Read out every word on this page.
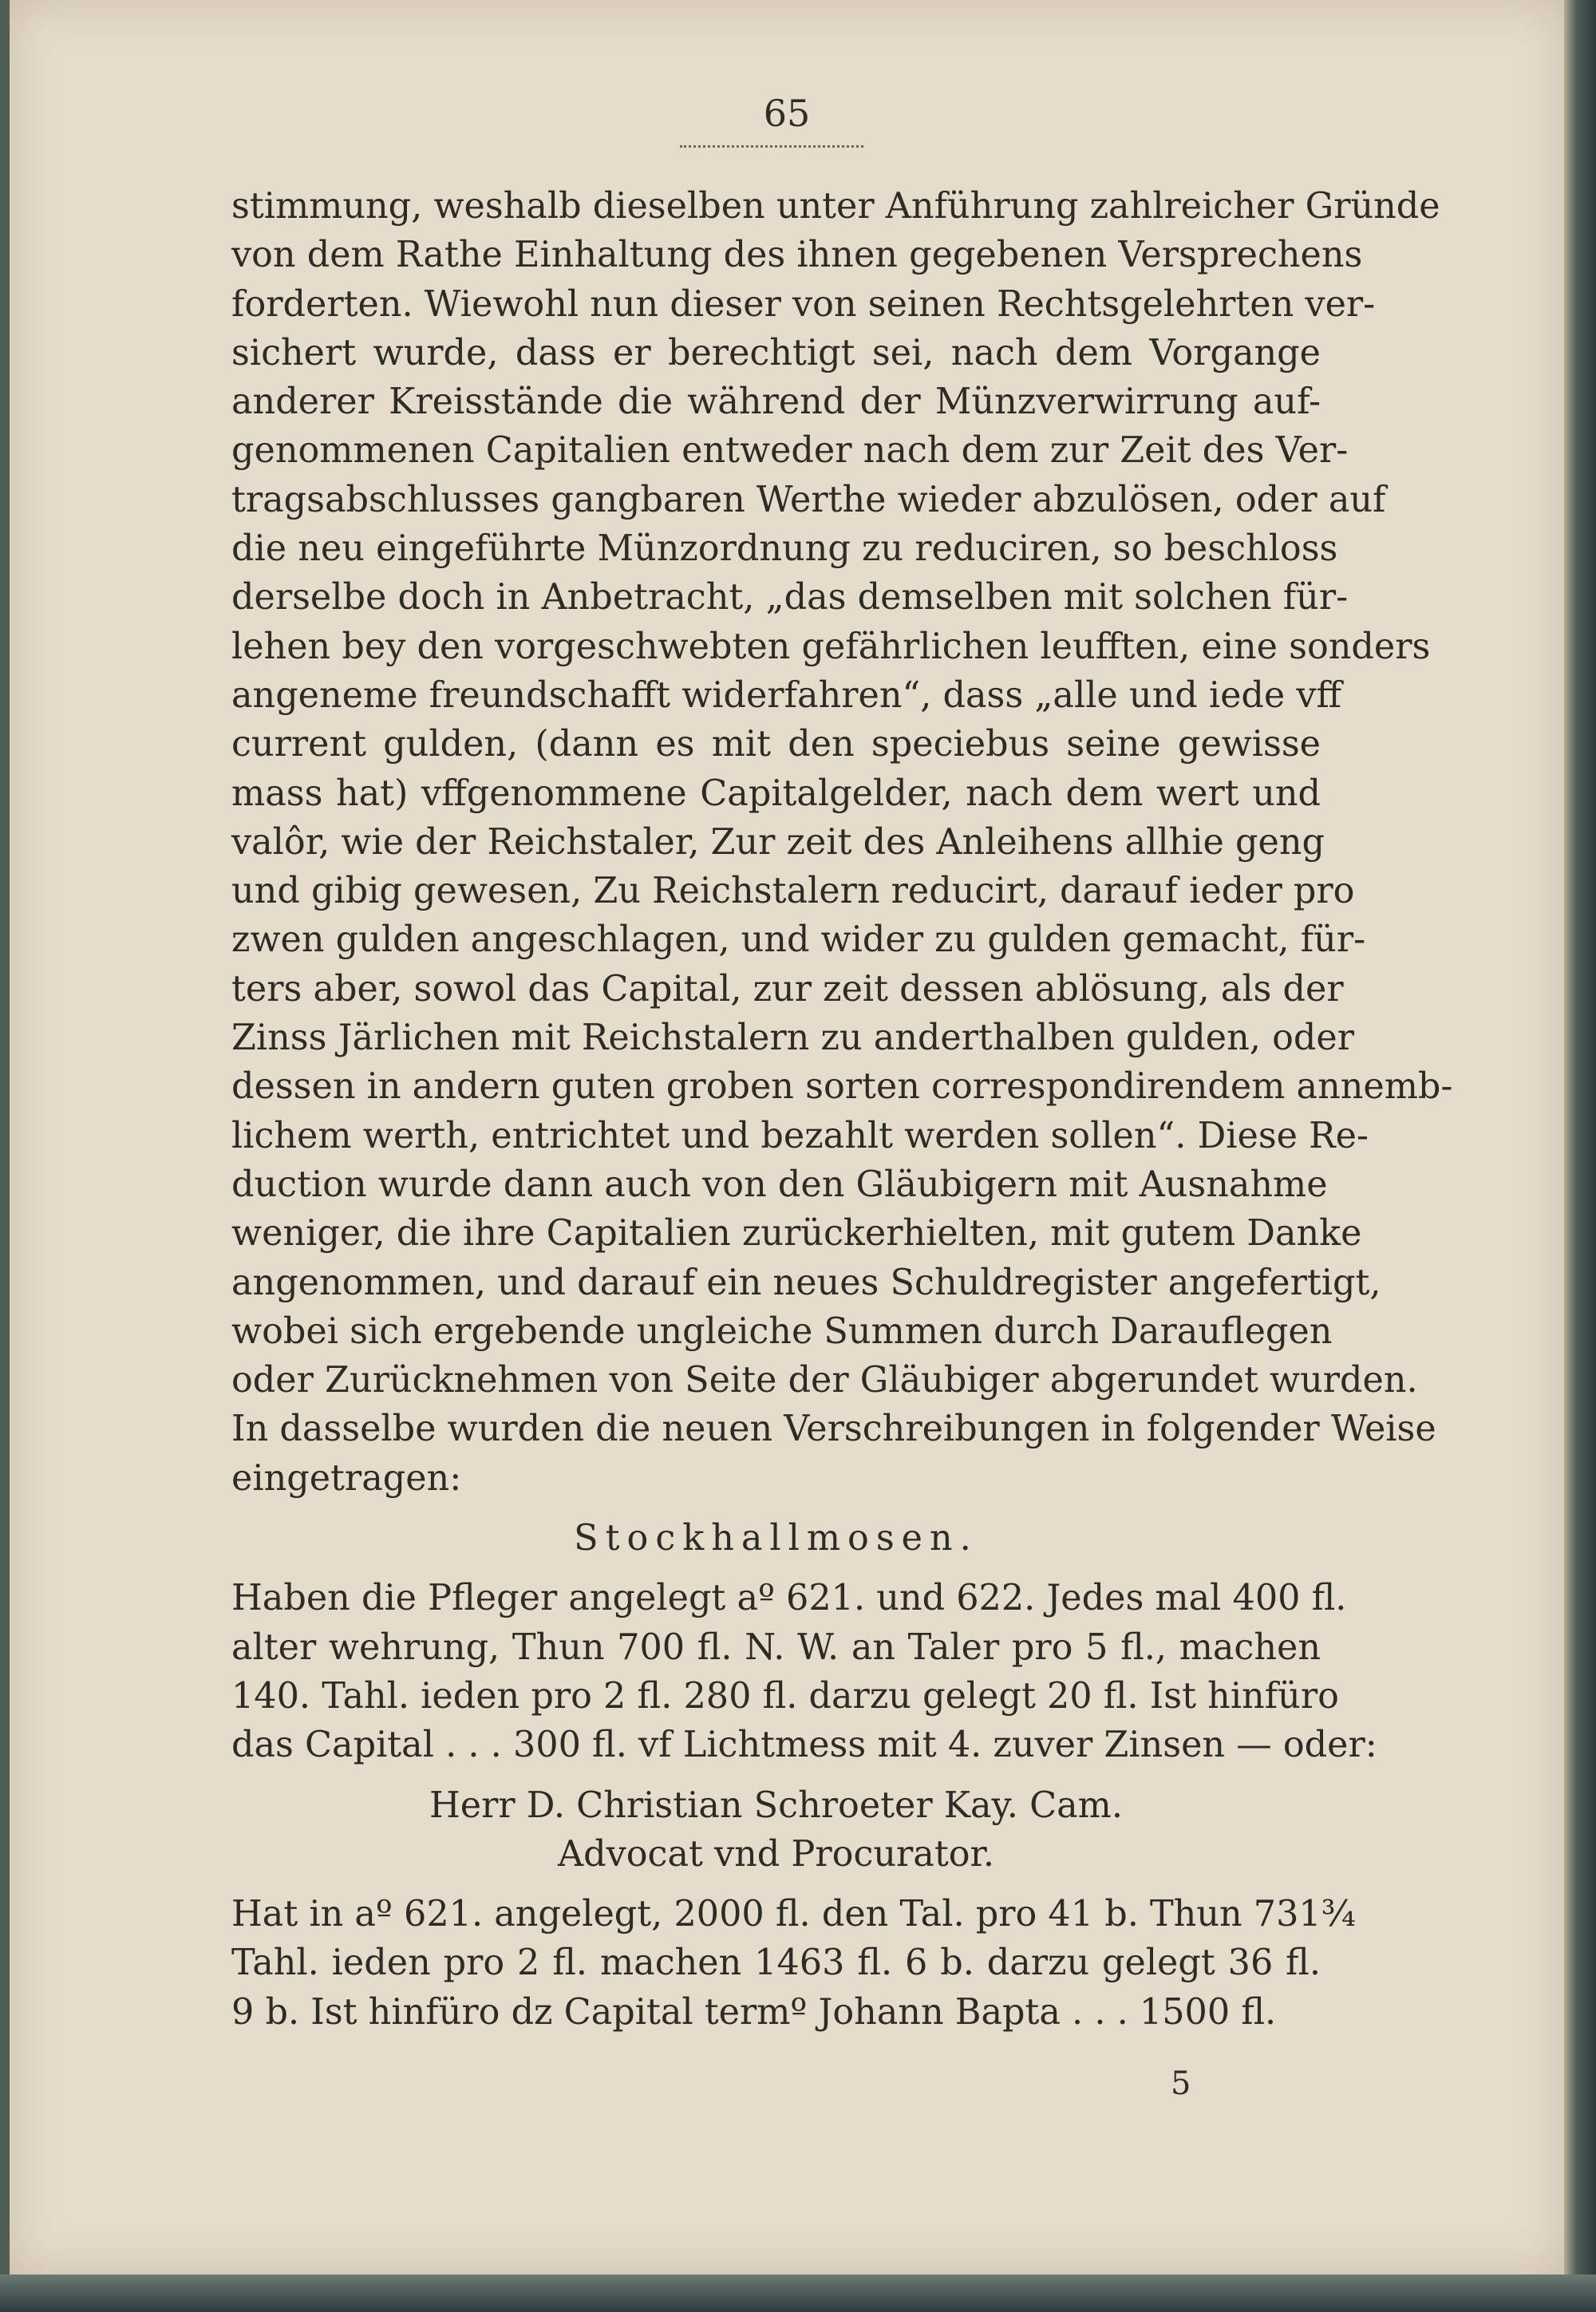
65
stimmung, weshalb dieselben unter Anführung zahlreicher Gründe
von dem Rathe Einhaltung des ihnen gegebenen Versprechens
forderten. Wiewohl nun dieser von seinen Rechtsgelehrten ver-
sichert wurde, dass er berechtigt sei, nach dem Vorgange
anderer Kreisstände die während der Münzverwirrung auf-
genommenen Capitalien entweder nach dem zur Zeit des Ver-
tragsabschlusses gangbaren Werthe wieder abzulösen, oder auf
die neu eingeführte Münzordnung zu reduciren, so beschloss
derselbe doch in Anbetracht, „das demselben mit solchen für-
lehen bey den vorgeschwebten gefährlichen leufften, eine sonders
angeneme freundschafft widerfahren“, dass „alle und iede vff
current gulden, (dann es mit den speciebus seine gewisse
mass hat) vffgenommene Capitalgelder, nach dem wert und
valôr, wie der Reichstaler, Zur zeit des Anleihens allhie geng
und gibig gewesen, Zu Reichstalern reducirt, darauf ieder pro
zwen gulden angeschlagen, und wider zu gulden gemacht, für-
ters aber, sowol das Capital, zur zeit dessen ablösung, als der
Zinss Järlichen mit Reichstalern zu anderthalben gulden, oder
dessen in andern guten groben sorten correspondirendem annemb-
lichem werth, entrichtet und bezahlt werden sollen“. Diese Re-
duction wurde dann auch von den Gläubigern mit Ausnahme
weniger, die ihre Capitalien zurückerhielten, mit gutem Danke
angenommen, und darauf ein neues Schuldregister angefertigt,
wobei sich ergebende ungleiche Summen durch Darauflegen
oder Zurücknehmen von Seite der Gläubiger abgerundet wurden.
In dasselbe wurden die neuen Verschreibungen in folgender Weise
eingetragen:
Stockhallmosen.
Haben die Pfleger angelegt aº 621. und 622. Jedes mal 400 fl.
alter wehrung, Thun 700 fl. N. W. an Taler pro 5 fl., machen
140. Tahl. ieden pro 2 fl. 280 fl. darzu gelegt 20 fl. Ist hinfüro
das Capital . . . 300 fl. vf Lichtmess mit 4. zuver Zinsen — oder:
Herr D. Christian Schroeter Kay. Cam.
Advocat vnd Procurator.
Hat in aº 621. angelegt, 2000 fl. den Tal. pro 41 b. Thun 731¾
Tahl. ieden pro 2 fl. machen 1463 fl. 6 b. darzu gelegt 36 fl.
9 b. Ist hinfüro dz Capital termº Johann Bapta . . . 1500 fl.
5
